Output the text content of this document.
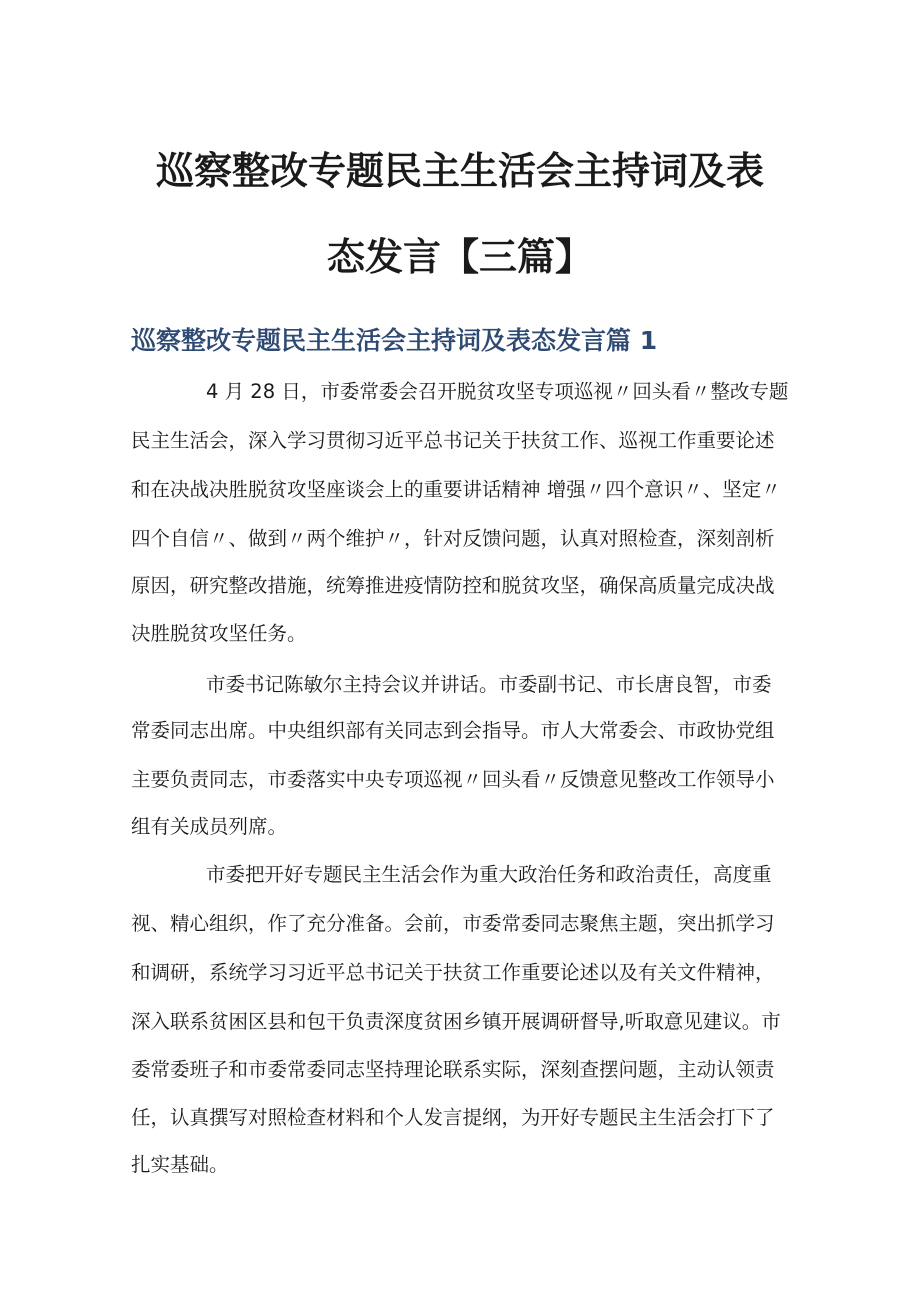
巡察整改专题民主生活会主持词及表
态发言【三篇】
巡察整改专题民主生活会主持词及表态发言篇 1
4 月 28 日，市委常委会召开脱贫攻坚专项巡视〃回头看〃整改专题
民主生活会，深入学习贯彻习近平总书记关于扶贫工作、巡视工作重要论述
和在决战决胜脱贫攻坚座谈会上的重要讲话精神 增强〃四个意识〃、坚定〃
四个自信〃、做到〃两个维护〃，针对反馈问题，认真对照检查，深刻剖析
原因，研究整改措施，统筹推进疫情防控和脱贫攻坚，确保高质量完成决战
决胜脱贫攻坚任务。
市委书记陈敏尔主持会议并讲话。市委副书记、市长唐良智，市委
常委同志出席。中央组织部有关同志到会指导。市人大常委会、市政协党组
主要负责同志，市委落实中央专项巡视〃回头看〃反馈意见整改工作领导小
组有关成员列席。
市委把开好专题民主生活会作为重大政治任务和政治责任，高度重
视、精心组织，作了充分准备。会前，市委常委同志聚焦主题，突出抓学习
和调研，系统学习习近平总书记关于扶贫工作重要论述以及有关文件精神，
深入联系贫困区县和包干负责深度贫困乡镇开展调研督导,听取意见建议。市
委常委班子和市委常委同志坚持理论联系实际，深刻查摆问题，主动认领责
任，认真撰写对照检查材料和个人发言提纲，为开好专题民主生活会打下了
扎实基础。
